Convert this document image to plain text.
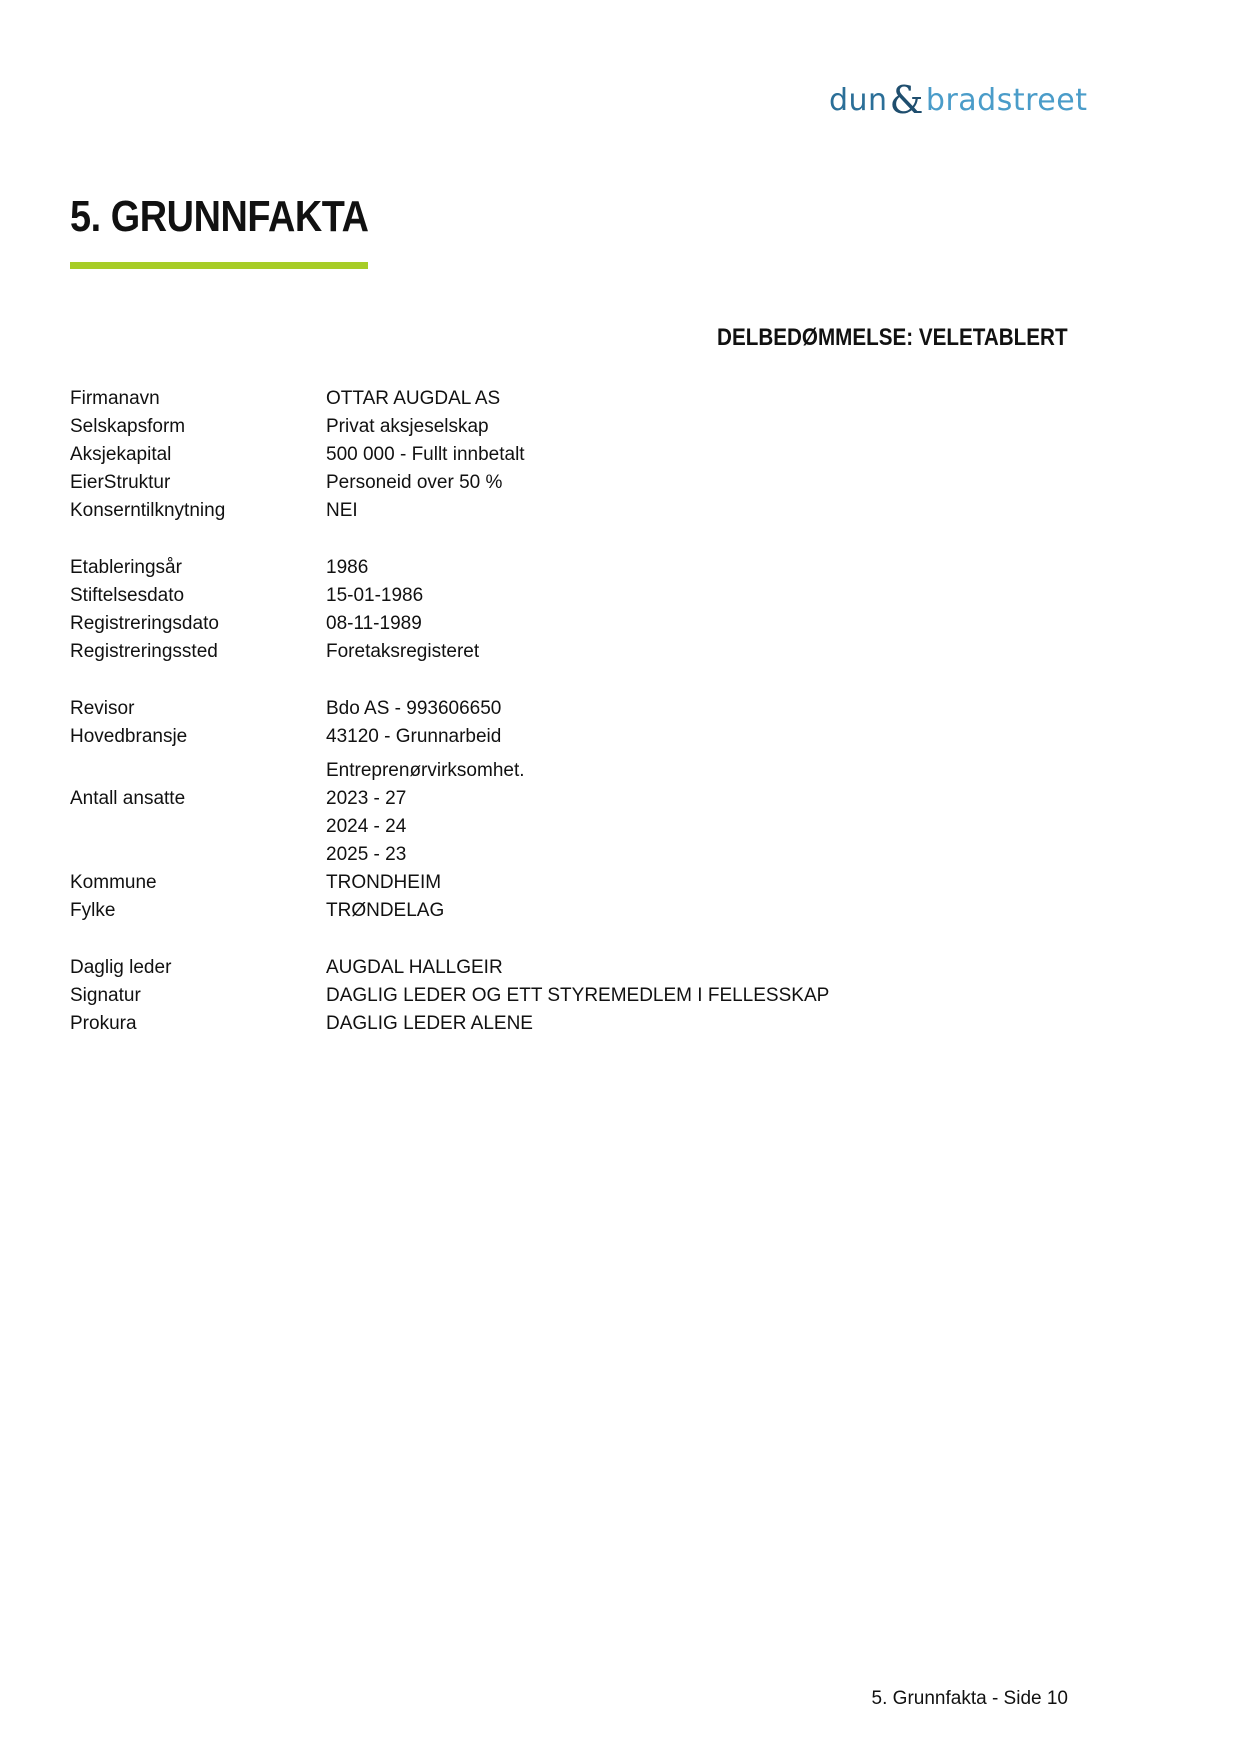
dun & bradstreet
5. GRUNNFAKTA
DELBEDØMMELSE: VELETABLERT
Firmanavn	OTTAR AUGDAL AS
Selskapsform	Privat aksjeselskap
Aksjekapital	500 000 - Fullt innbetalt
EierStruktur	Personeid over 50 %
Konserntilknytning	NEI
Etableringsår	1986
Stiftelsesdato	15-01-1986
Registreringsdato	08-11-1989
Registreringssted	Foretaksregisteret
Revisor	Bdo AS - 993606650
Hovedbransje	43120 - Grunnarbeid
Entreprenørvirksomhet.
Antall ansatte	2023 - 27
2024 - 24
2025 - 23
Kommune	TRONDHEIM
Fylke	TRØNDELAG
Daglig leder	AUGDAL HALLGEIR
Signatur	DAGLIG LEDER OG ETT STYREMEDLEM I FELLESSKAP
Prokura	DAGLIG LEDER ALENE
5. Grunnfakta - Side 10
